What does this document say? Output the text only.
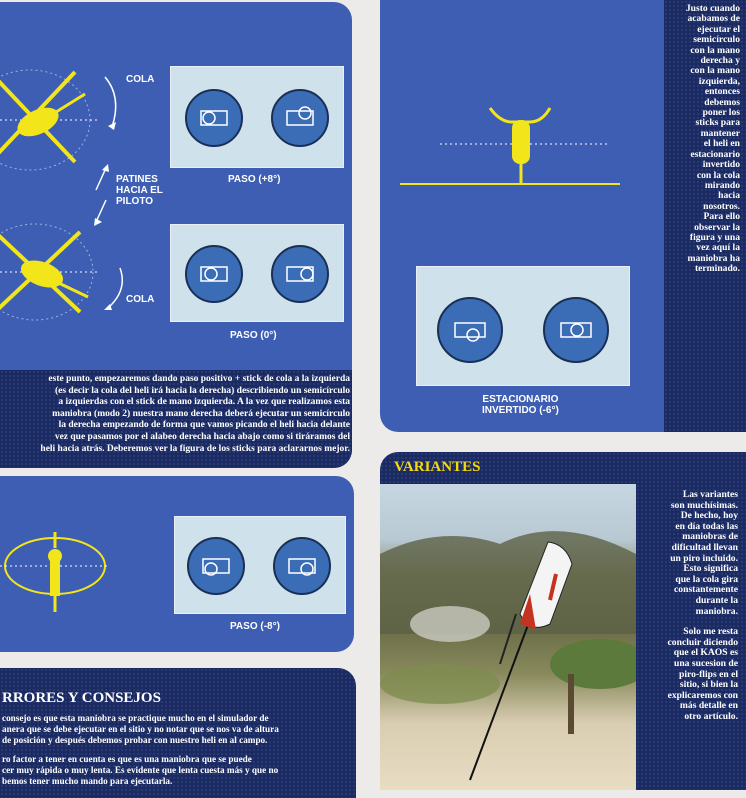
COLA
PATINES
HACIA EL
PILOTO
COLA
PASO (+8°)
PASO (0°)
este punto, empezaremos dando paso positivo + stick de cola a la izquierda
(es decir la cola del heli irá hacia la derecha) describiendo un semicírculo
a izquierdas con el stick de mano izquierda. A la vez que realizamos esta
maniobra (modo 2) nuestra mano derecha deberá ejecutar un semicírculo
la derecha empezando de forma que vamos picando el heli hacia delante
vez que pasamos por el alabeo derecha hacia abajo como si tiráramos del
heli hacia atrás. Deberemos ver la figura de los sticks para aclararnos mejor.
PASO (-8°)
RRORES Y CONSEJOS
consejo es que esta maniobra se practique mucho en el simulador de
anera que se debe ejecutar en el sitio y no notar que se nos va de altura
de posición y después debemos probar con nuestro heli en al campo.
ro factor a tener en cuenta es que es una maniobra que se puede
cer muy rápida o muy lenta. Es evidente que lenta cuesta más y que no
bemos tener mucho mando para ejecutarla.
ESTACIONARIO
INVERTIDO (-6°)
Justo cuando
acabamos de
ejecutar el
semicírculo
con la mano
derecha y
con la mano
izquierda,
entonces
debemos
poner los
sticks para
mantener
el heli en
estacionario
invertido
con la cola
mirando
hacia
nosotros.
Para ello
observar la
figura y una
vez aquí la
maniobra ha
terminado.
VARIANTES
Las variantes
son muchísimas.
De hecho, hoy
en día todas las
maniobras de
dificultad llevan
un piro incluido.
Esto significa
que la cola gira
constantemente
durante la
maniobra.
Solo me resta
concluir diciendo
que el KAOS es
una sucesion de
piro-flips en el
sitio, si bien la
explicaremos con
más detalle en
otro artículo.
